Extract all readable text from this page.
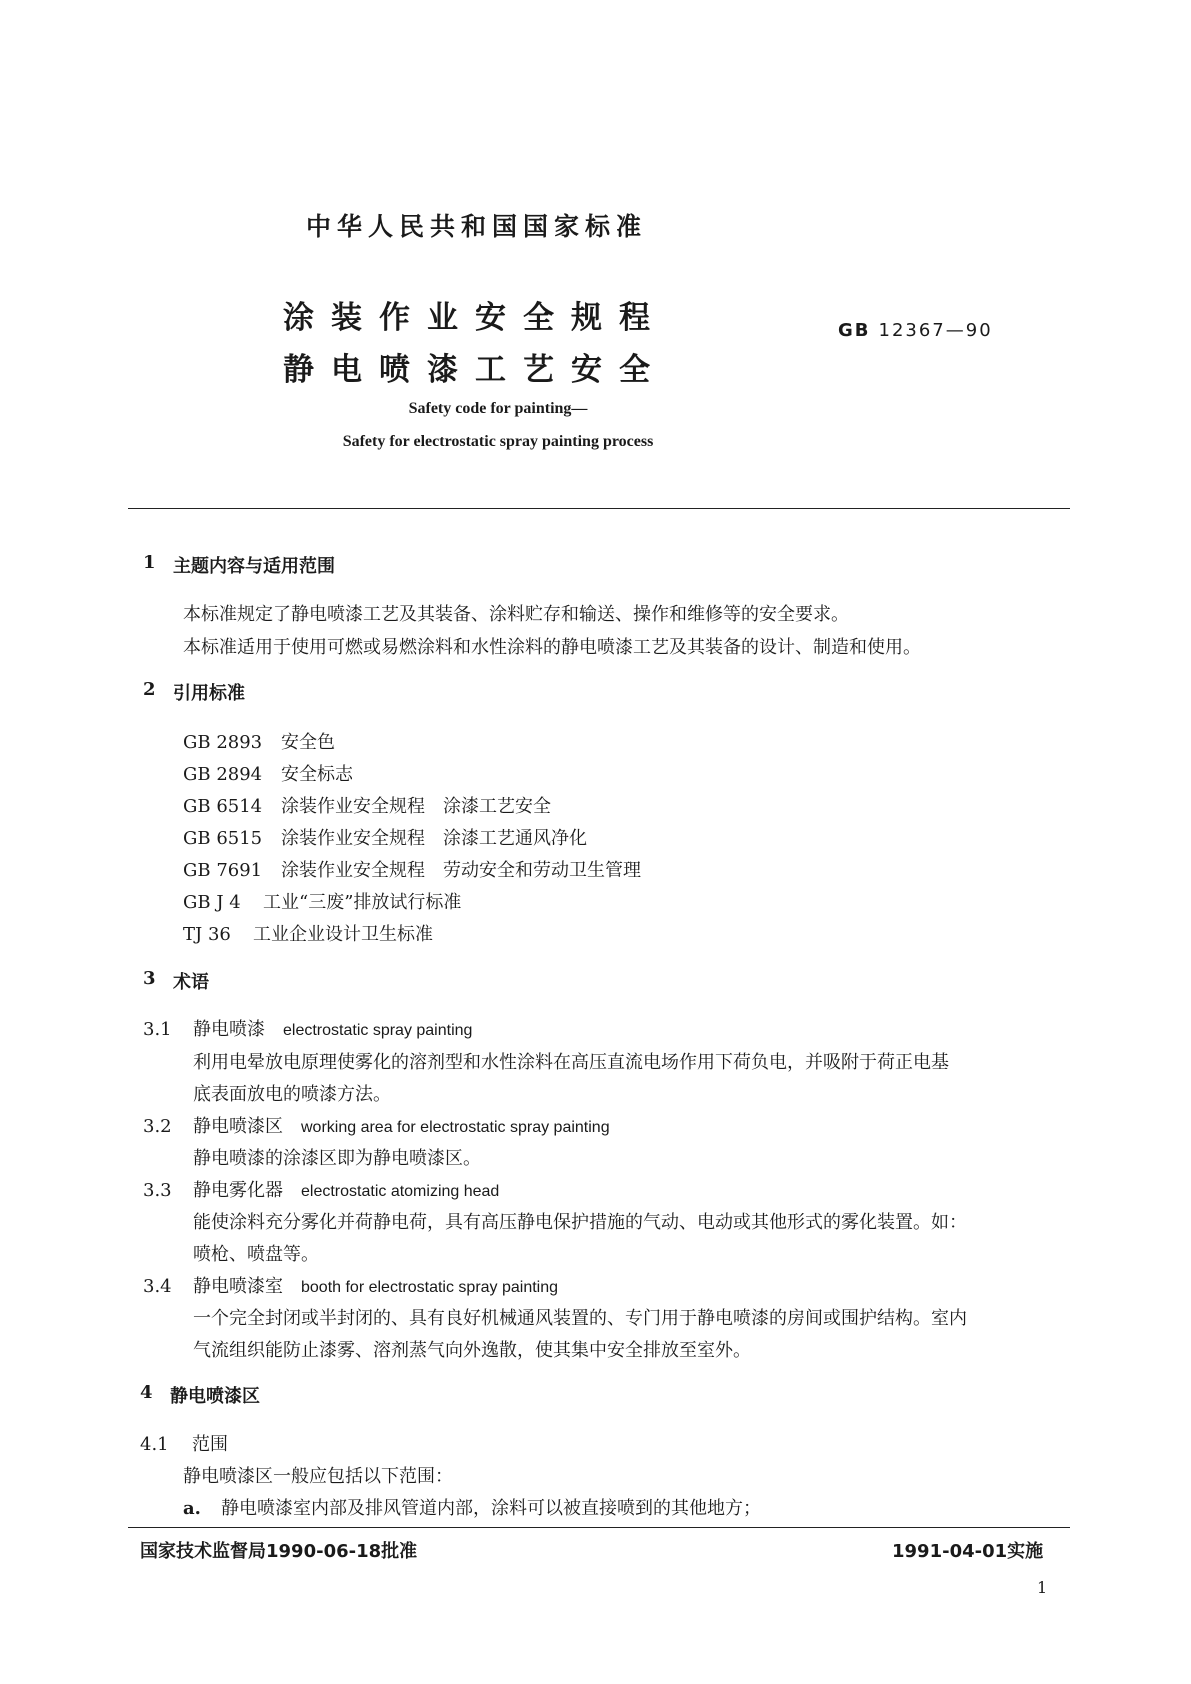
中华人民共和国国家标准
涂装作业安全规程
静电喷漆工艺安全
GB 12367—90
Safety code for painting—
Safety for electrostatic spray painting process
1 主题内容与适用范围
本标准规定了静电喷漆工艺及其装备、涂料贮存和输送、操作和维修等的安全要求。
本标准适用于使用可燃或易燃涂料和水性涂料的静电喷漆工艺及其装备的设计、制造和使用。
2 引用标准
GB 2893 安全色
GB 2894 安全标志
GB 6514 涂装作业安全规程　涂漆工艺安全
GB 6515 涂装作业安全规程　涂漆工艺通风净化
GB 7691 涂装作业安全规程　劳动安全和劳动卫生管理
GB J 4 工业“三废”排放试行标准
TJ 36 工业企业设计卫生标准
3 术语
3.1 静电喷漆 electrostatic spray painting
利用电晕放电原理使雾化的溶剂型和水性涂料在高压直流电场作用下荷负电，并吸附于荷正电基
底表面放电的喷漆方法。
3.2 静电喷漆区 working area for electrostatic spray painting
静电喷漆的涂漆区即为静电喷漆区。
3.3 静电雾化器 electrostatic atomizing head
能使涂料充分雾化并荷静电荷，具有高压静电保护措施的气动、电动或其他形式的雾化装置。如：
喷枪、喷盘等。
3.4 静电喷漆室 booth for electrostatic spray painting
一个完全封闭或半封闭的、具有良好机械通风装置的、专门用于静电喷漆的房间或围护结构。室内
气流组织能防止漆雾、溶剂蒸气向外逸散，使其集中安全排放至室外。
4 静电喷漆区
4.1 范围
静电喷漆区一般应包括以下范围：
a. 静电喷漆室内部及排风管道内部，涂料可以被直接喷到的其他地方；
国家技术监督局1990-06-18批准	1991-04-01实施
1
